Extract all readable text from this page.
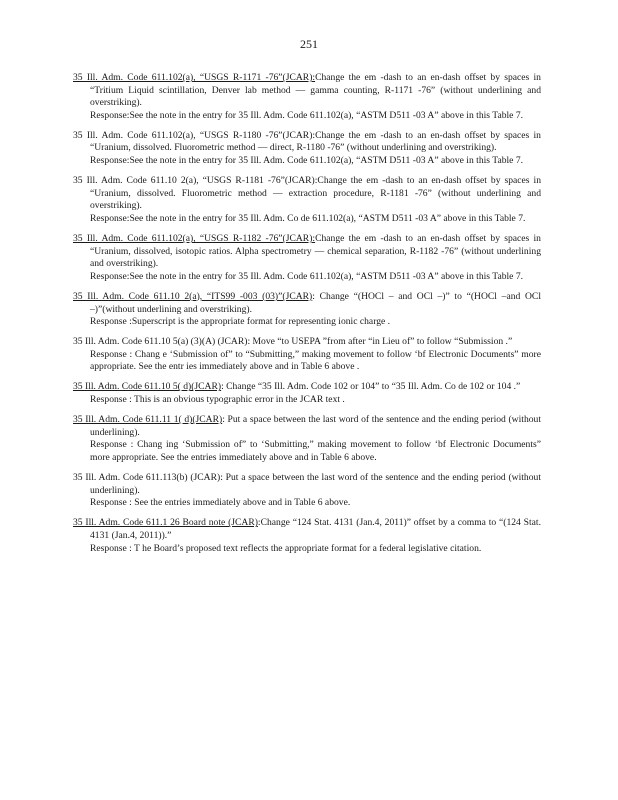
251
35 Ill. Adm. Code 611.102(a), “USGS R-1171 -76”(JCAR):Change the em -dash to an en-dash offset by spaces in “Tritium Liquid scintillation, Denver lab method — gamma counting, R-1171 -76” (without underlining and overstriking).
Response:See the note in the entry for 35 Ill. Adm. Code 611.102(a), “ASTM D511 -03 A” above in this Table 7.
35 Ill. Adm. Code 611.102(a), “USGS R-1180 -76”(JCAR):Change the em -dash to an en-dash offset by spaces in “Uranium, dissolved. Fluorometric method — direct, R-1180 -76” (without underlining and overstriking).
Response:See the note in the entry for 35 Ill. Adm. Code 611.102(a), “ASTM D511 -03 A” above in this Table 7.
35 Ill. Adm. Code 611.10 2(a), “USGS R-1181 -76”(JCAR):Change the em -dash to an en-dash offset by spaces in “Uranium, dissolved. Fluorometric method — extraction procedure, R-1181 -76” (without underlining and overstriking).
Response:See the note in the entry for 35 Ill. Adm. Co de 611.102(a), “ASTM D511 -03 A” above in this Table 7.
35 Ill. Adm. Code 611.102(a), “USGS R-1182 -76”(JCAR):Change the em -dash to an en-dash offset by spaces in “Uranium, dissolved, isotopic ratios. Alpha spectrometry — chemical separation, R-1182 -76” (without underlining and overstriking).
Response:See the note in the entry for 35 Ill. Adm. Code 611.102(a), “ASTM D511 -03 A” above in this Table 7.
35 Ill. Adm. Code 611.10 2(a), “ITS99 -003 (03)”(JCAR): Change “(HOCl – and OCl –)” to “(HOCl –and OCl –)”(without underlining and overstriking).
Response :Superscript is the appropriate format for representing ionic charge .
35 Ill. Adm. Code 611.10 5(a) (3)(A) (JCAR): Move “to USEPA ”from after “in Lieu of” to follow “Submission .”
Response : Chang e ‘Submission of” to “Submitting,” making movement to follow ‘bf Electronic Documents” more appropriate. See the entr ies immediately above and in Table 6 above .
35 Ill. Adm. Code 611.10 5( d)(JCAR): Change “35 Ill. Adm. Code 102 or 104” to “35 Ill. Adm. Co de 102 or 104 .”
Response : This is an obvious typographic error in the JCAR text .
35 Ill. Adm. Code 611.11 1( d)(JCAR): Put a space between the last word of the sentence and the ending period (without underlining).
Response : Chang ing ‘Submission of” to ‘Submitting,” making movement to follow ‘bf Electronic Documents” more appropriate. See the entries immediately above and in Table 6 above.
35 Ill. Adm. Code 611.113(b) (JCAR): Put a space between the last word of the sentence and the ending period (without underlining).
Response : See the entries immediately above and in Table 6 above.
35 Ill. Adm. Code 611.1 26 Board note (JCAR):Change “124 Stat. 4131 (Jan.4, 2011)” offset by a comma to “(124 Stat. 4131 (Jan.4, 2011)).”
Response : T he Board’s proposed text reflects the appropriate format for a federal legislative citation.
